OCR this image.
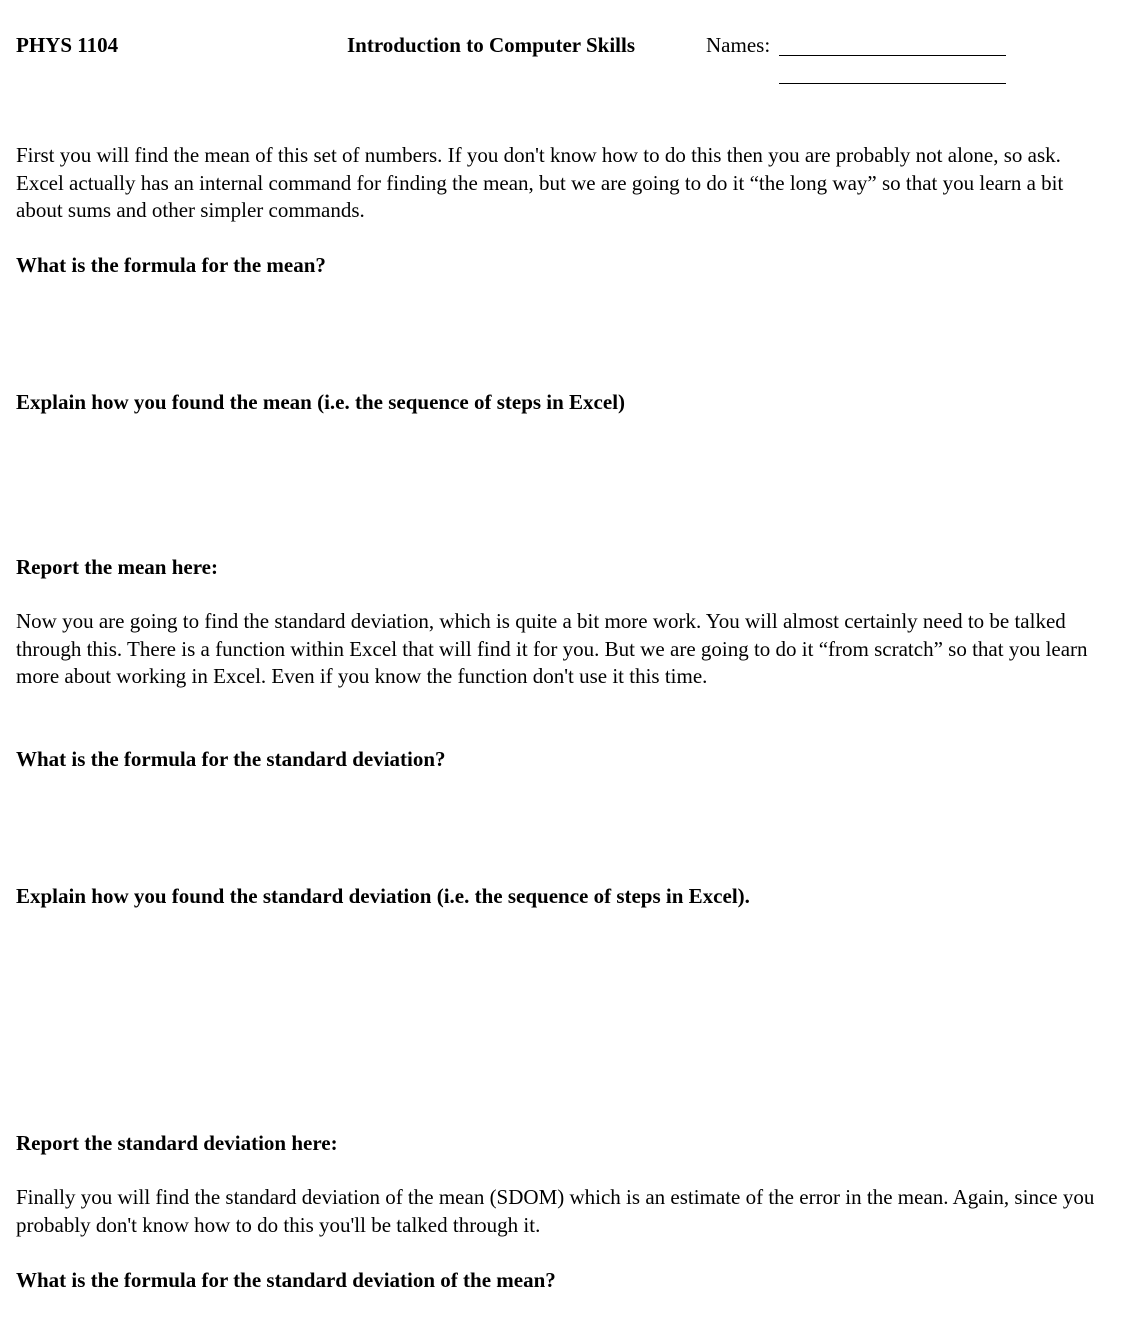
PHYS 1104	Introduction to Computer Skills	Names:

First you will find the mean of this set of numbers. If you don't know how to do this then you are probably not alone, so ask. Excel actually has an internal command for finding the mean, but we are going to do it “the long way” so that you learn a bit about sums and other simpler commands.

What is the formula for the mean?

Explain how you found the mean (i.e. the sequence of steps in Excel)

Report the mean here:

Now you are going to find the standard deviation, which is quite a bit more work. You will almost certainly need to be talked through this. There is a function within Excel that will find it for you. But we are going to do it “from scratch” so that you learn more about working in Excel. Even if you know the function don't use it this time.

What is the formula for the standard deviation?

Explain how you found the standard deviation (i.e. the sequence of steps in Excel).

Report the standard deviation here:

Finally you will find the standard deviation of the mean (SDOM) which is an estimate of the error in the mean. Again, since you probably don't know how to do this you'll be talked through it.

What is the formula for the standard deviation of the mean?
